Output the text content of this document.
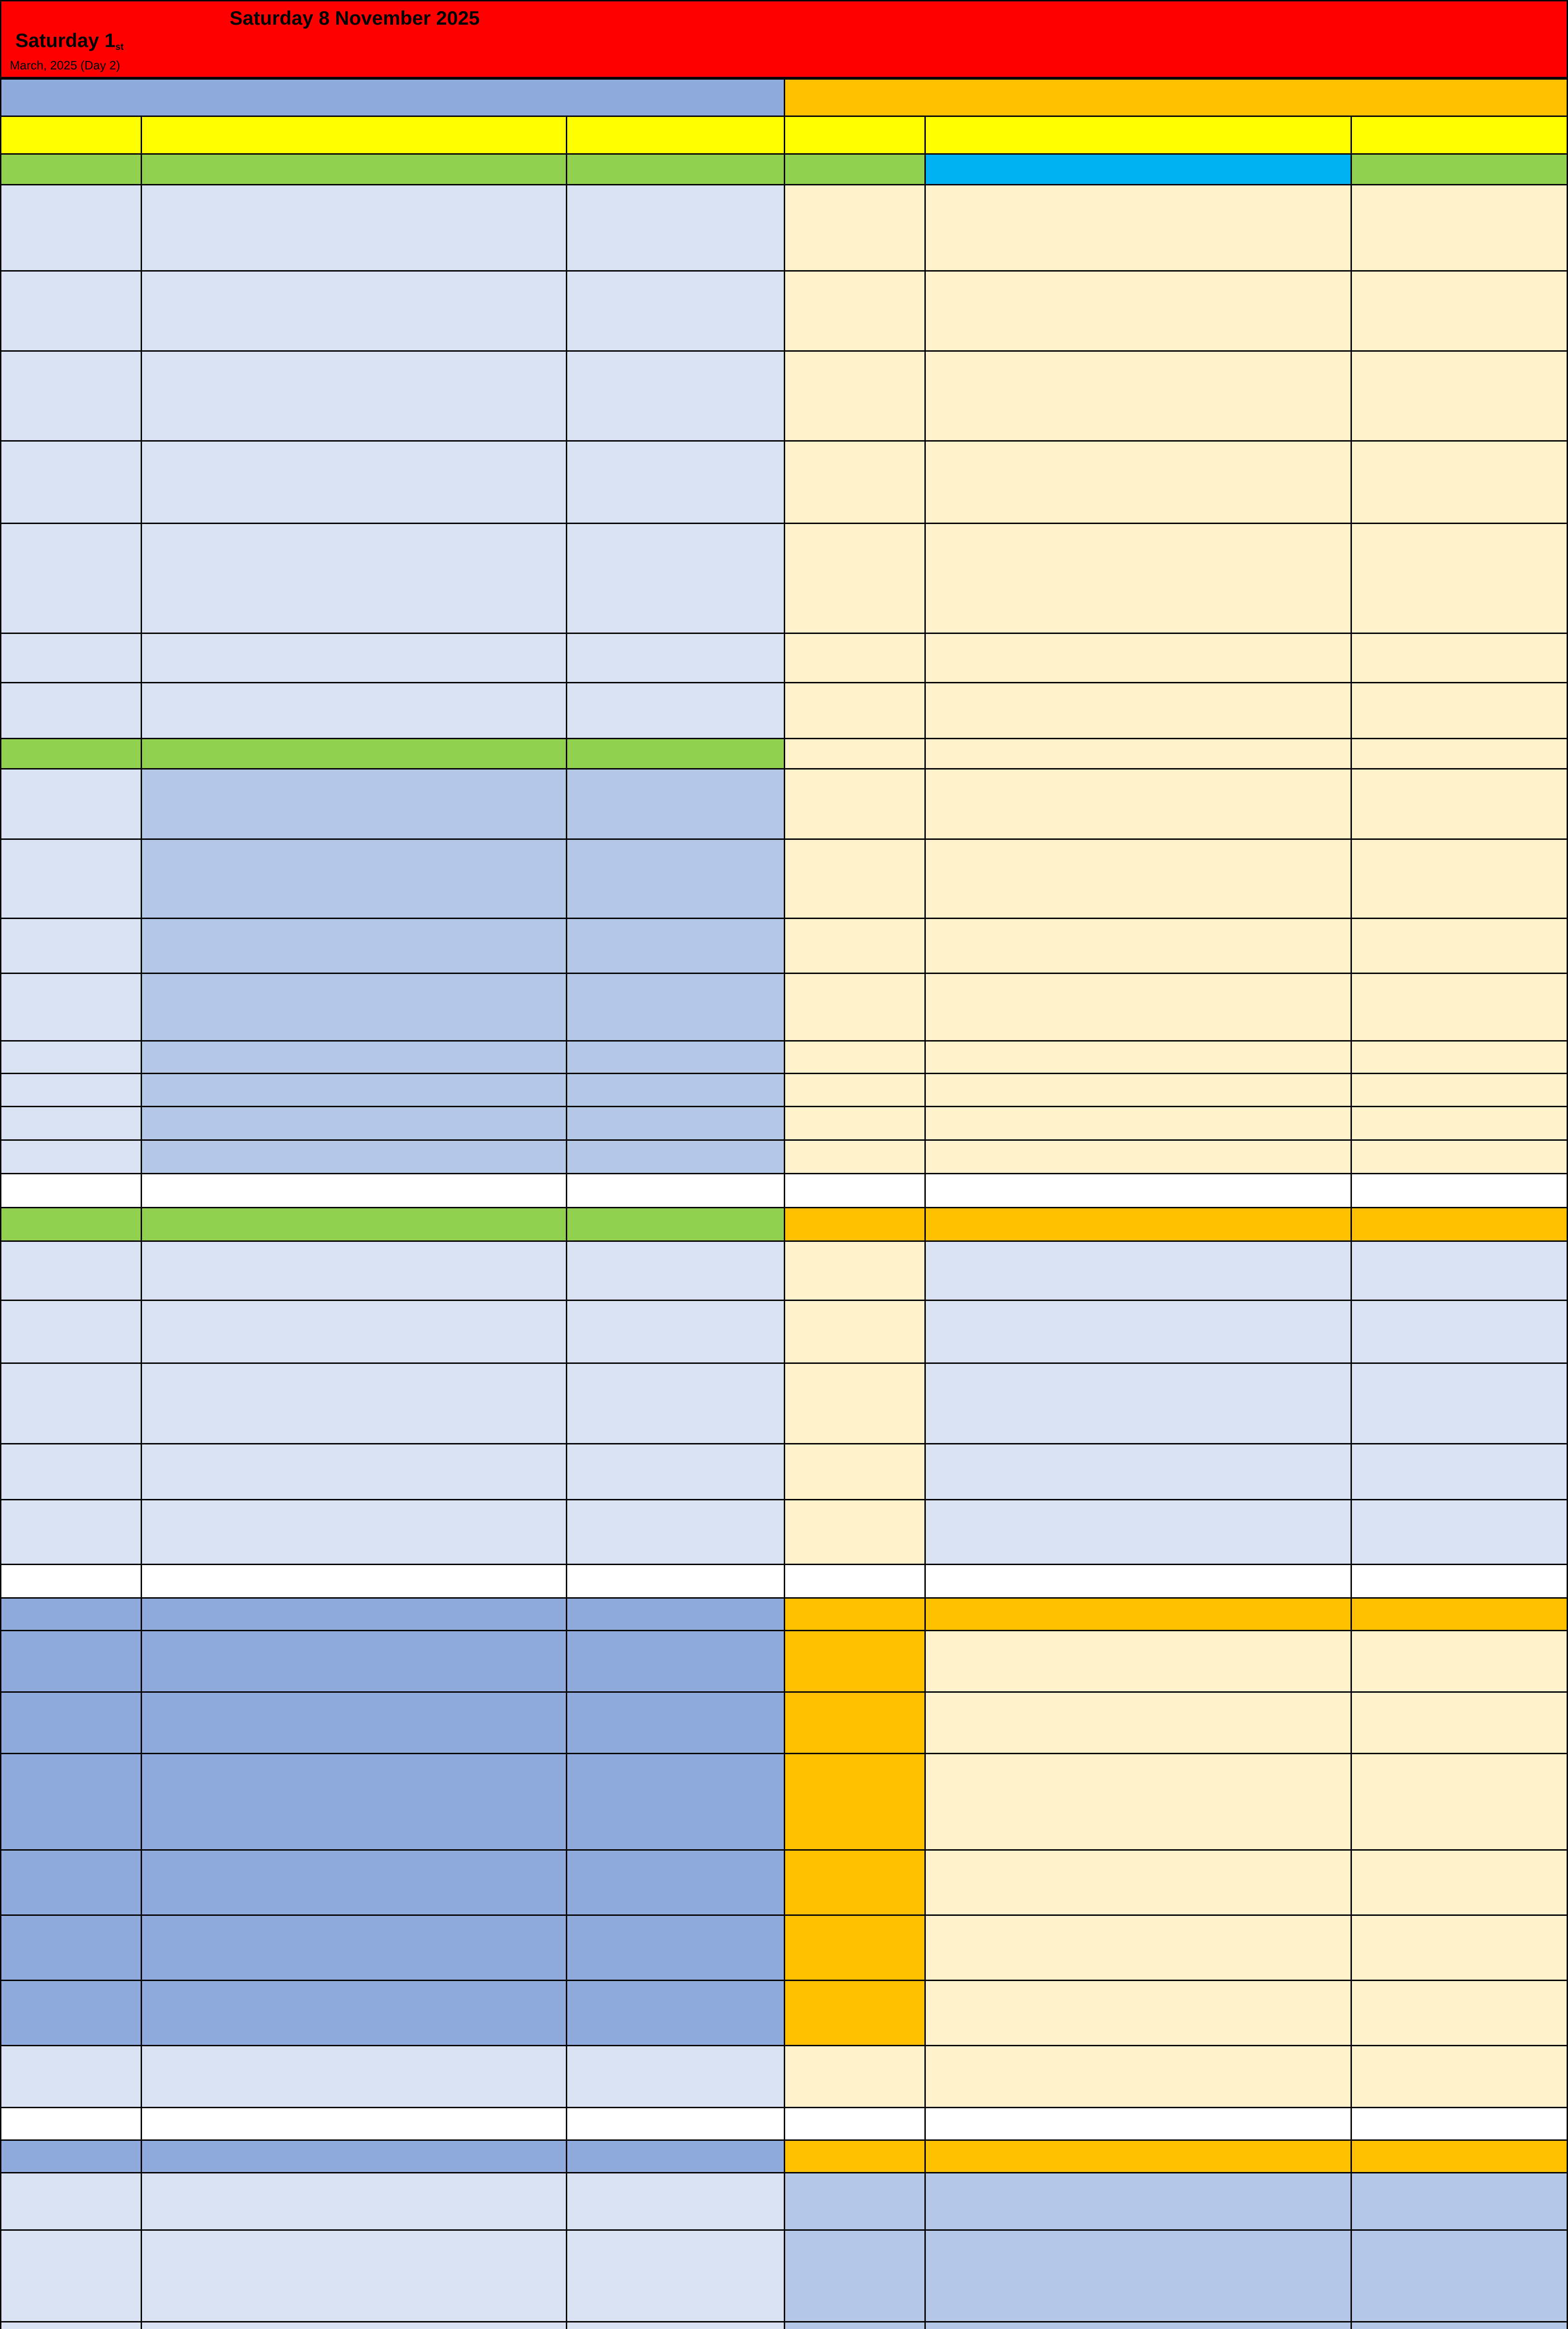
Saturday 8 November 2025
Saturday 1st
March, 2025 (Day 2)
